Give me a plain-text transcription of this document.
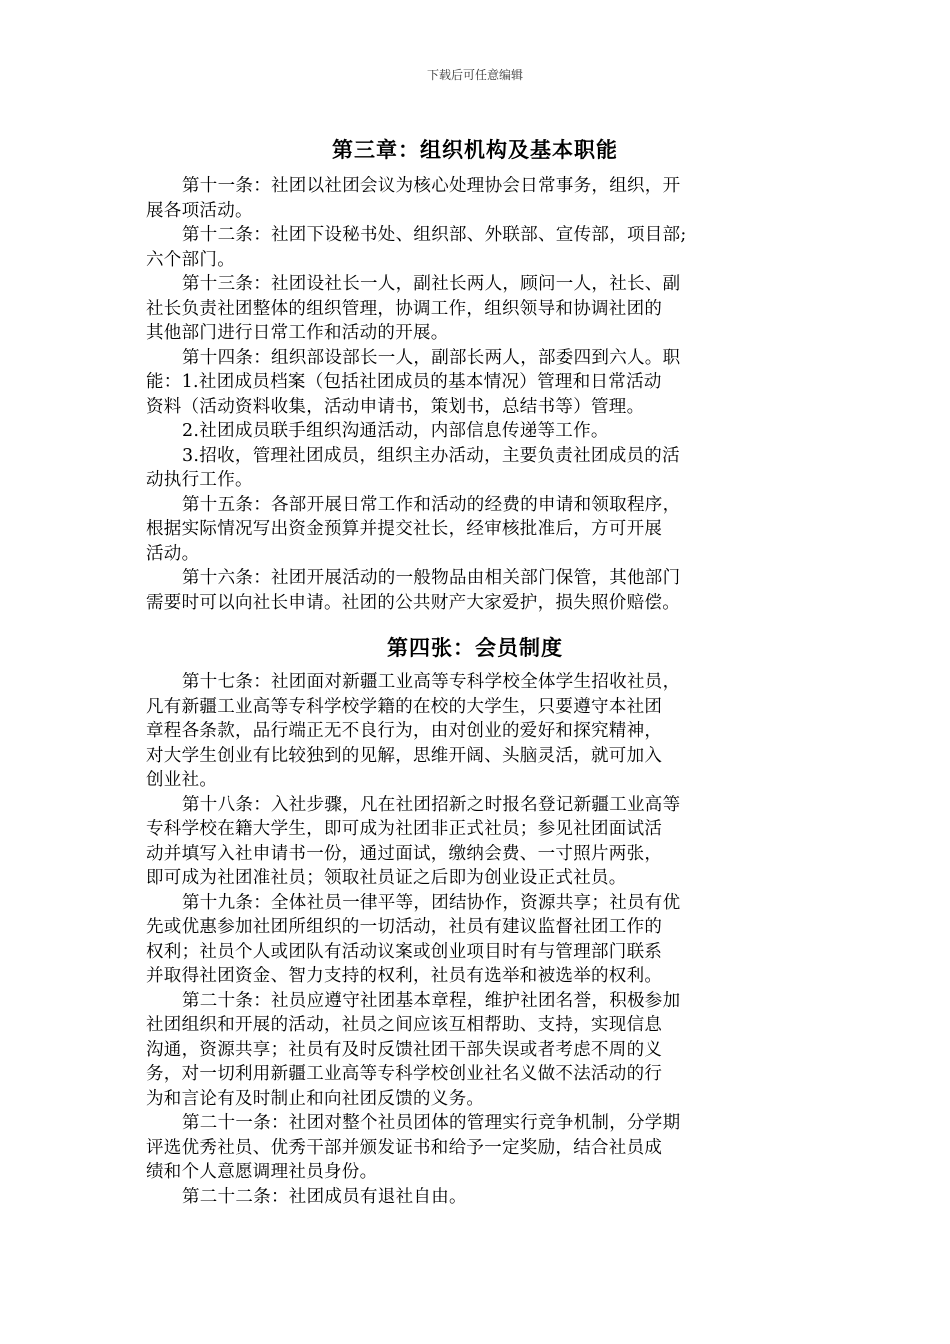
下载后可任意编辑
第三章：组织机构及基本职能
第十一条：社团以社团会议为核心处理协会日常事务，组织，开
展各项活动。
第十二条：社团下设秘书处、组织部、外联部、宣传部，项目部;
六个部门。
第十三条：社团设社长一人，副社长两人，顾问一人，社长、副
社长负责社团整体的组织管理，协调工作，组织领导和协调社团的
其他部门进行日常工作和活动的开展。
第十四条：组织部设部长一人，副部长两人，部委四到六人。职
能：1.社团成员档案（包括社团成员的基本情况）管理和日常活动
资料（活动资料收集，活动申请书，策划书，总结书等）管理。
2.社团成员联手组织沟通活动，内部信息传递等工作。
3.招收，管理社团成员，组织主办活动，主要负责社团成员的活
动执行工作。
第十五条：各部开展日常工作和活动的经费的申请和领取程序，
根据实际情况写出资金预算并提交社长，经审核批准后，方可开展
活动。
第十六条：社团开展活动的一般物品由相关部门保管，其他部门
需要时可以向社长申请。社团的公共财产大家爱护，损失照价赔偿。
第四张：会员制度
第十七条：社团面对新疆工业高等专科学校全体学生招收社员，
凡有新疆工业高等专科学校学籍的在校的大学生，只要遵守本社团
章程各条款，品行端正无不良行为，由对创业的爱好和探究精神，
对大学生创业有比较独到的见解，思维开阔、头脑灵活，就可加入
创业社。
第十八条：入社步骤，凡在社团招新之时报名登记新疆工业高等
专科学校在籍大学生，即可成为社团非正式社员；参见社团面试活
动并填写入社申请书一份，通过面试，缴纳会费、一寸照片两张，
即可成为社团准社员；领取社员证之后即为创业设正式社员。
第十九条：全体社员一律平等，团结协作，资源共享；社员有优
先或优惠参加社团所组织的一切活动，社员有建议监督社团工作的
权利；社员个人或团队有活动议案或创业项目时有与管理部门联系
并取得社团资金、智力支持的权利，社员有选举和被选举的权利。
第二十条：社员应遵守社团基本章程，维护社团名誉，积极参加
社团组织和开展的活动，社员之间应该互相帮助、支持，实现信息
沟通，资源共享；社员有及时反馈社团干部失误或者考虑不周的义
务，对一切利用新疆工业高等专科学校创业社名义做不法活动的行
为和言论有及时制止和向社团反馈的义务。
第二十一条：社团对整个社员团体的管理实行竞争机制，分学期
评选优秀社员、优秀干部并颁发证书和给予一定奖励，结合社员成
绩和个人意愿调理社员身份。
第二十二条：社团成员有退社自由。
